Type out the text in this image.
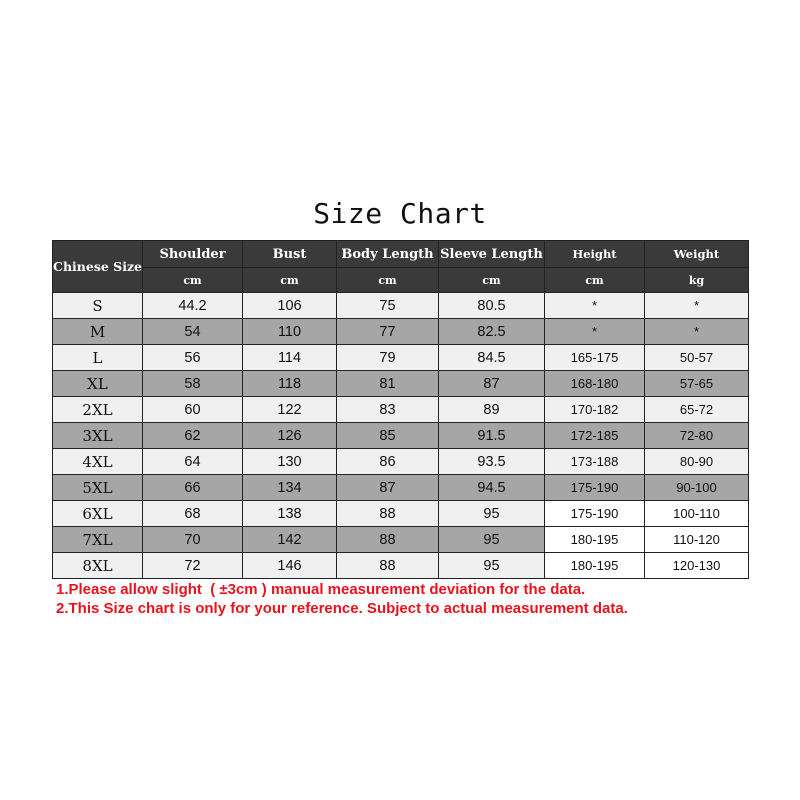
Size Chart
Chinese Size	Shoulder	Bust	Body Length	Sleeve Length	Height	Weight
	cm	cm	cm	cm	cm	kg
S	44.2	106	75	80.5	*	*
M	54	110	77	82.5	*	*
L	56	114	79	84.5	165-175	50-57
XL	58	118	81	87	168-180	57-65
2XL	60	122	83	89	170-182	65-72
3XL	62	126	85	91.5	172-185	72-80
4XL	64	130	86	93.5	173-188	80-90
5XL	66	134	87	94.5	175-190	90-100
6XL	68	138	88	95	175-190	100-110
7XL	70	142	88	95	180-195	110-120
8XL	72	146	88	95	180-195	120-130
1.Please allow slight  ( ±3cm ) manual measurement deviation for the data.
2.This Size chart is only for your reference. Subject to actual measurement data.
